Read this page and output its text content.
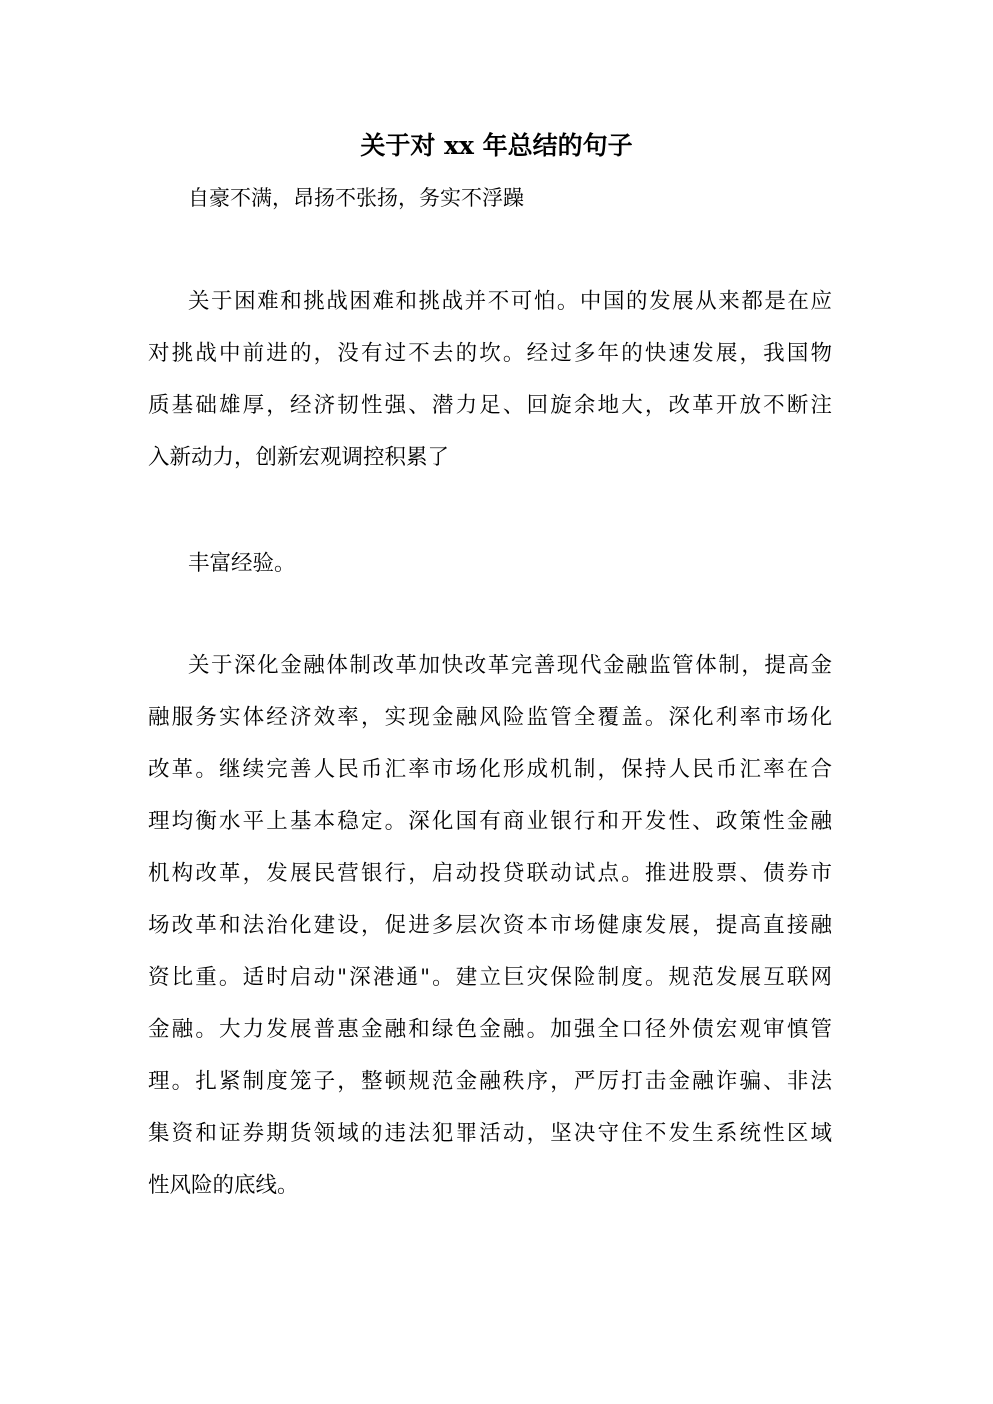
关于对 xx 年总结的句子
自豪不满，昂扬不张扬，务实不浮躁
关于困难和挑战困难和挑战并不可怕。中国的发展从来都是在应
对挑战中前进的，没有过不去的坎。经过多年的快速发展，我国物
质基础雄厚，经济韧性强、潜力足、回旋余地大，改革开放不断注
入新动力，创新宏观调控积累了
丰富经验。
关于深化金融体制改革加快改革完善现代金融监管体制，提高金
融服务实体经济效率，实现金融风险监管全覆盖。深化利率市场化
改革。继续完善人民币汇率市场化形成机制，保持人民币汇率在合
理均衡水平上基本稳定。深化国有商业银行和开发性、政策性金融
机构改革，发展民营银行，启动投贷联动试点。推进股票、债券市
场改革和法治化建设，促进多层次资本市场健康发展，提高直接融
资比重。适时启动"深港通"。建立巨灾保险制度。规范发展互联网
金融。大力发展普惠金融和绿色金融。加强全口径外债宏观审慎管
理。扎紧制度笼子，整顿规范金融秩序，严厉打击金融诈骗、非法
集资和证券期货领域的违法犯罪活动，坚决守住不发生系统性区域
性风险的底线。
